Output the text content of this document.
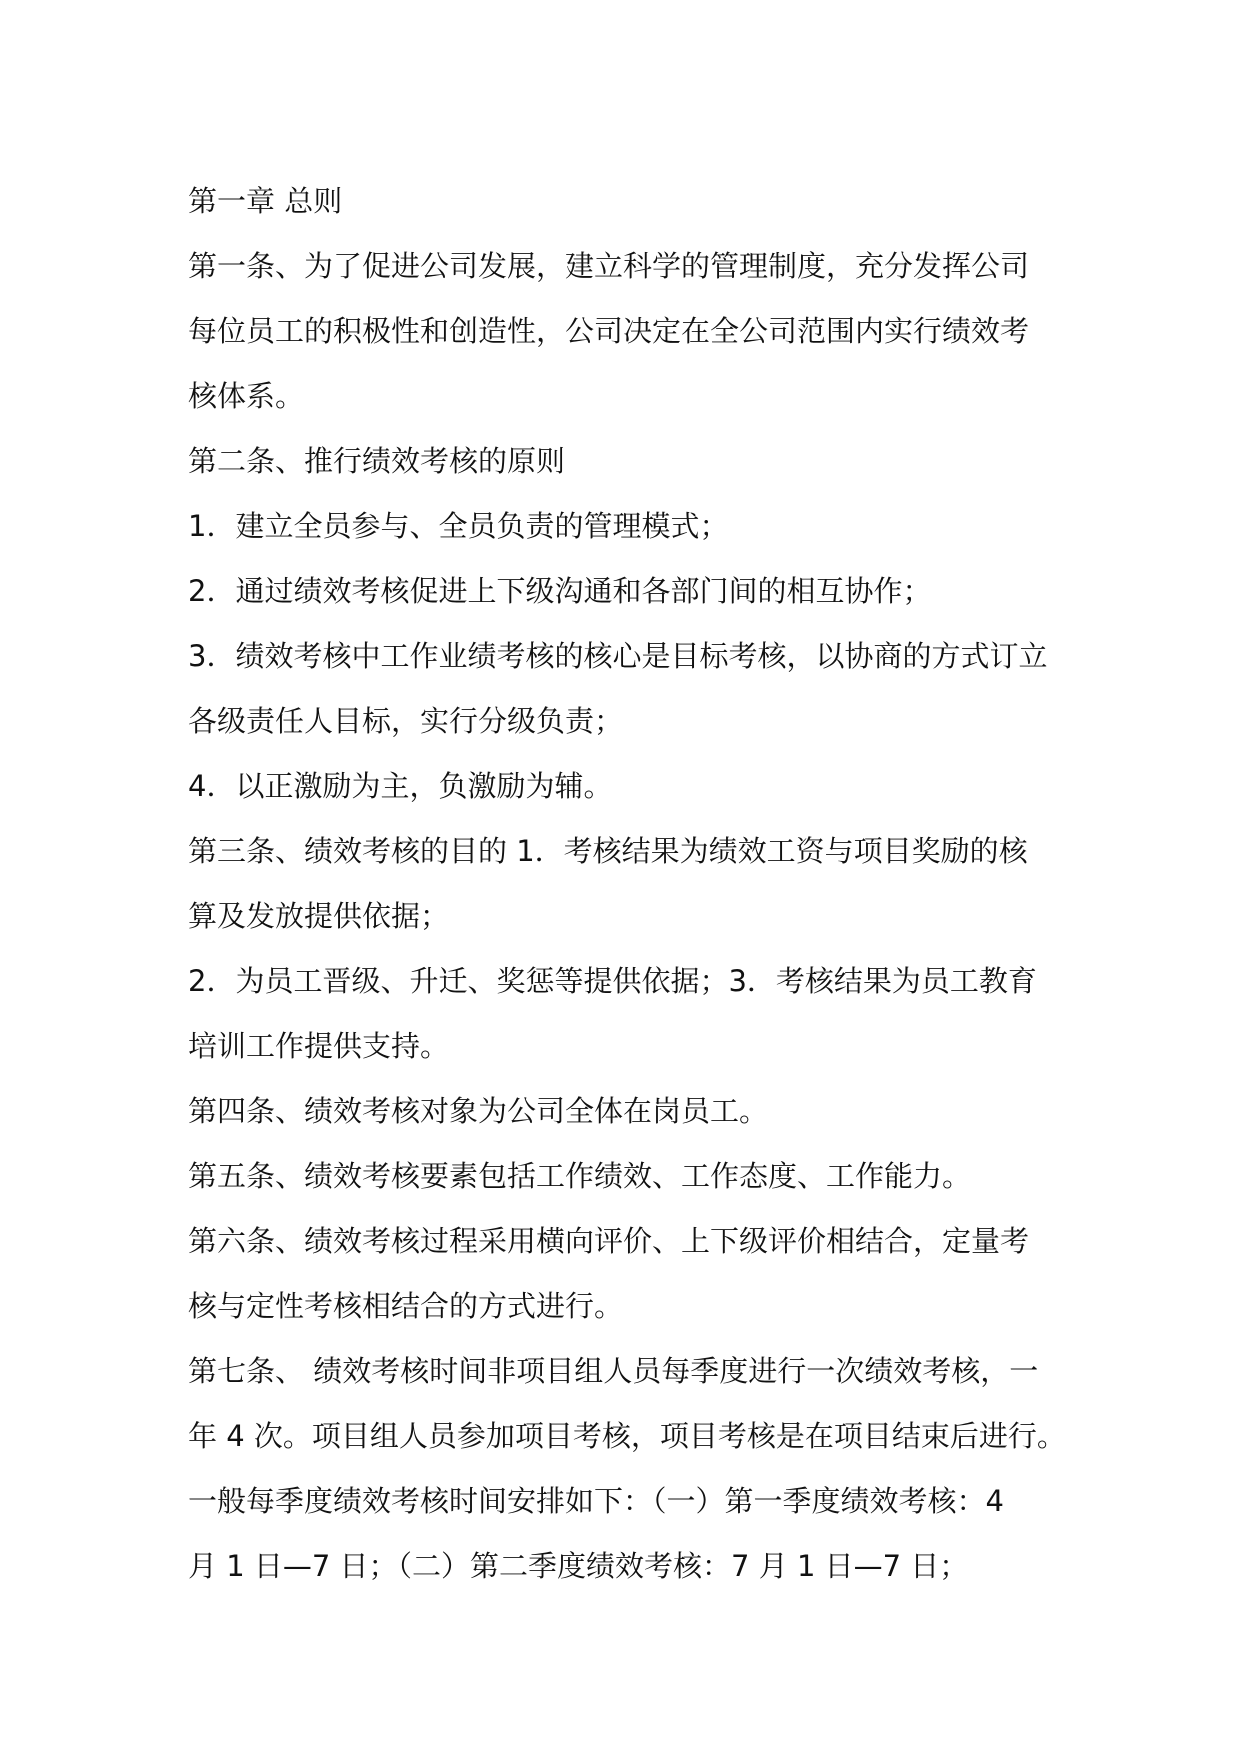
第一章 总则
第一条、为了促进公司发展，建立科学的管理制度，充分发挥公司
每位员工的积极性和创造性，公司决定在全公司范围内实行绩效考
核体系。
第二条、推行绩效考核的原则
1．建立全员参与、全员负责的管理模式；
2．通过绩效考核促进上下级沟通和各部门间的相互协作；
3．绩效考核中工作业绩考核的核心是目标考核，以协商的方式订立
各级责任人目标，实行分级负责；
4．以正激励为主，负激励为辅。
第三条、绩效考核的目的 1．考核结果为绩效工资与项目奖励的核
算及发放提供依据；
2．为员工晋级、升迁、奖惩等提供依据；3．考核结果为员工教育
培训工作提供支持。
第四条、绩效考核对象为公司全体在岗员工。
第五条、绩效考核要素包括工作绩效、工作态度、工作能力。
第六条、绩效考核过程采用横向评价、上下级评价相结合，定量考
核与定性考核相结合的方式进行。
第七条、 绩效考核时间非项目组人员每季度进行一次绩效考核，一
年 4 次。项目组人员参加项目考核，项目考核是在项目结束后进行。
一般每季度绩效考核时间安排如下：（一）第一季度绩效考核：4
月 1 日—7 日；（二）第二季度绩效考核：7 月 1 日—7 日；
